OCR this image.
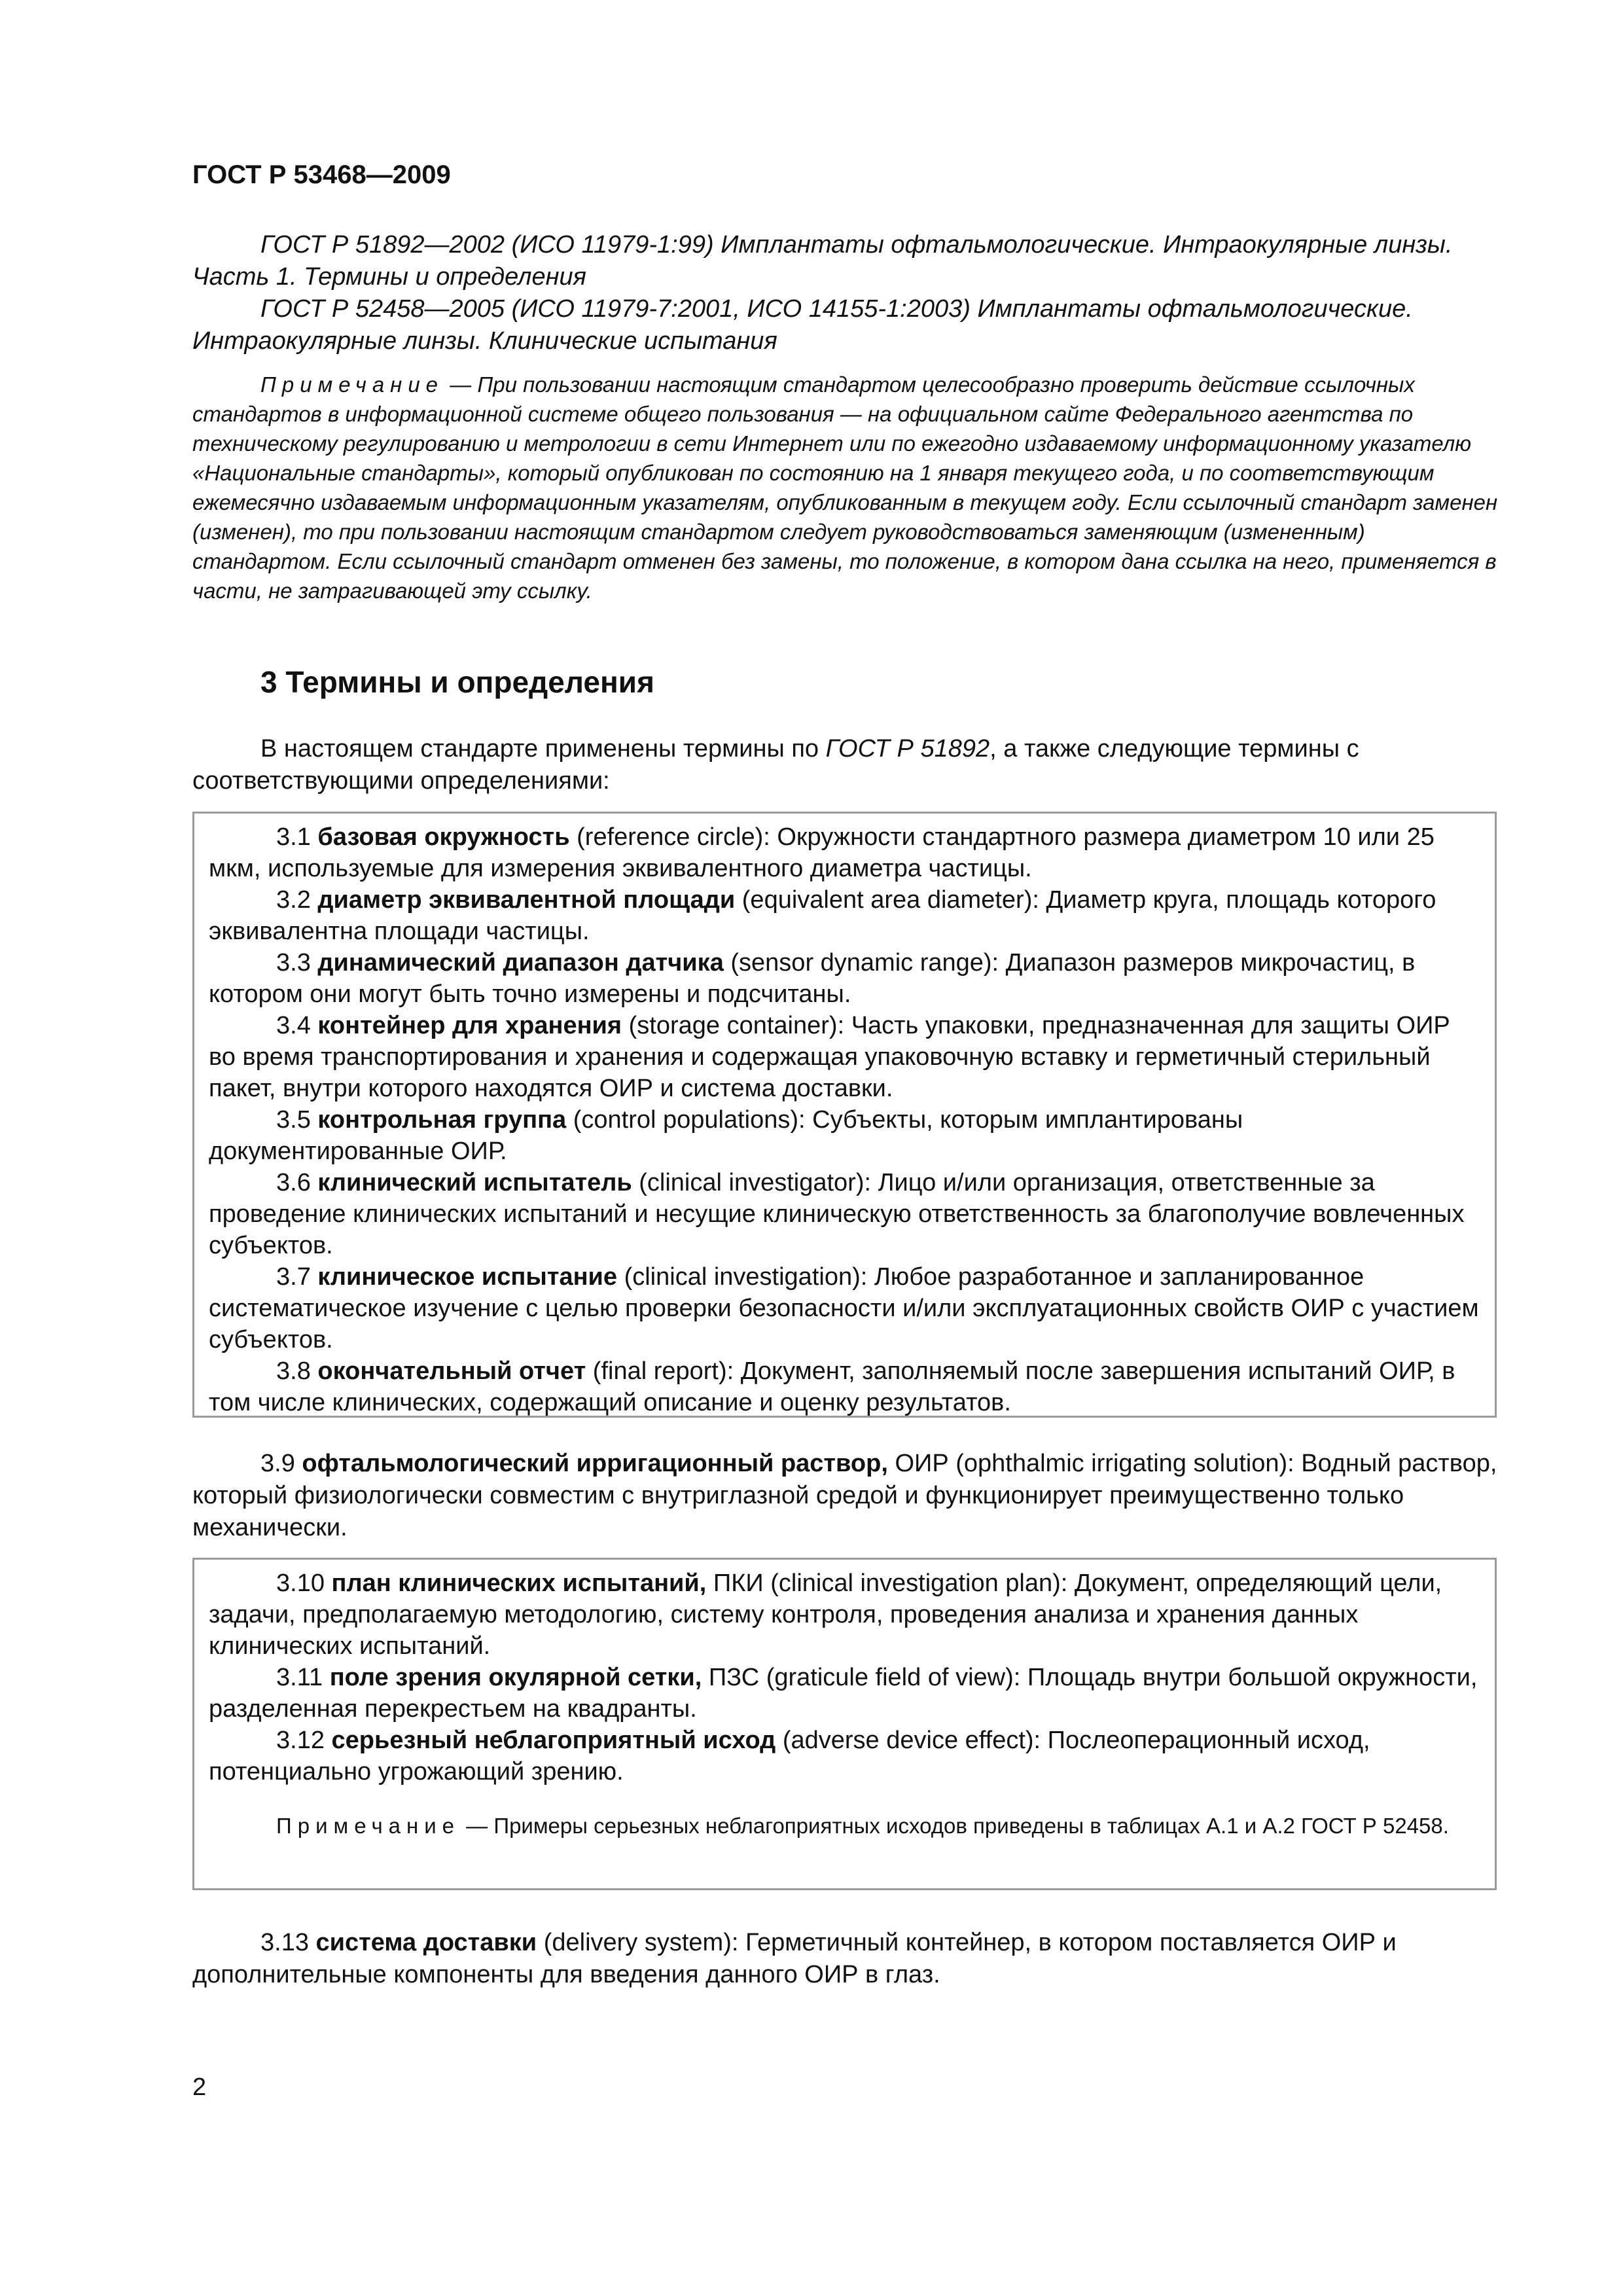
ГОСТ Р 53468—2009

ГОСТ Р 51892—2002 (ИСО 11979-1:99) Имплантаты офтальмологические. Интраокулярные линзы. Часть 1. Термины и определения

ГОСТ Р 52458—2005 (ИСО 11979-7:2001, ИСО 14155-1:2003) Имплантаты офтальмологические. Интраокулярные линзы. Клинические испытания

Примечание — При пользовании настоящим стандартом целесообразно проверить действие ссылочных стандартов в информационной системе общего пользования — на официальном сайте Федерального агентства по техническому регулированию и метрологии в сети Интернет или по ежегодно издаваемому информационному указателю «Национальные стандарты», который опубликован по состоянию на 1 января текущего года, и по соответствующим ежемесячно издаваемым информационным указателям, опубликованным в текущем году. Если ссылочный стандарт заменен (изменен), то при пользовании настоящим стандартом следует руководствоваться заменяющим (измененным) стандартом. Если ссылочный стандарт отменен без замены, то положение, в котором дана ссылка на него, применяется в части, не затрагивающей эту ссылку.
3 Термины и определения
В настоящем стандарте применены термины по ГОСТ Р 51892, а также следующие термины с соответствующими определениями:

3.1 базовая окружность (reference circle): Окружности стандартного размера диаметром 10 или 25 мкм, используемые для измерения эквивалентного диаметра частицы.

3.2 диаметр эквивалентной площади (equivalent area diameter): Диаметр круга, площадь которого эквивалентна площади частицы.

3.3 динамический диапазон датчика (sensor dynamic range): Диапазон размеров микрочастиц, в котором они могут быть точно измерены и подсчитаны.

3.4 контейнер для хранения (storage container): Часть упаковки, предназначенная для защиты ОИР во время транспортирования и хранения и содержащая упаковочную вставку и герметичный стерильный пакет, внутри которого находятся ОИР и система доставки.

3.5 контрольная группа (control populations): Субъекты, которым имплантированы документированные ОИР.

3.6 клинический испытатель (clinical investigator): Лицо и/или организация, ответственные за проведение клинических испытаний и несущие клиническую ответственность за благополучие вовлеченных субъектов.

3.7 клиническое испытание (clinical investigation): Любое разработанное и запланированное систематическое изучение с целью проверки безопасности и/или эксплуатационных свойств ОИР с участием субъектов.

3.8 окончательный отчет (final report): Документ, заполняемый после завершения испытаний ОИР, в том числе клинических, содержащий описание и оценку результатов.

3.9 офтальмологический ирригационный раствор, ОИР (ophthalmic irrigating solution): Водный раствор, который физиологически совместим с внутриглазной средой и функционирует преимущественно только механически.

3.10 план клинических испытаний, ПКИ (clinical investigation plan): Документ, определяющий цели, задачи, предполагаемую методологию, систему контроля, проведения анализа и хранения данных клинических испытаний.

3.11 поле зрения окулярной сетки, ПЗС (graticule field of view): Площадь внутри большой окружности, разделенная перекрестьем на квадранты.

3.12 серьезный неблагоприятный исход (adverse device effect): Послеоперационный исход, потенциально угрожающий зрению.

Примечание — Примеры серьезных неблагоприятных исходов приведены в таблицах А.1 и А.2 ГОСТ Р 52458.

3.13 система доставки (delivery system): Герметичный контейнер, в котором поставляется ОИР и дополнительные компоненты для введения данного ОИР в глаз.

2
